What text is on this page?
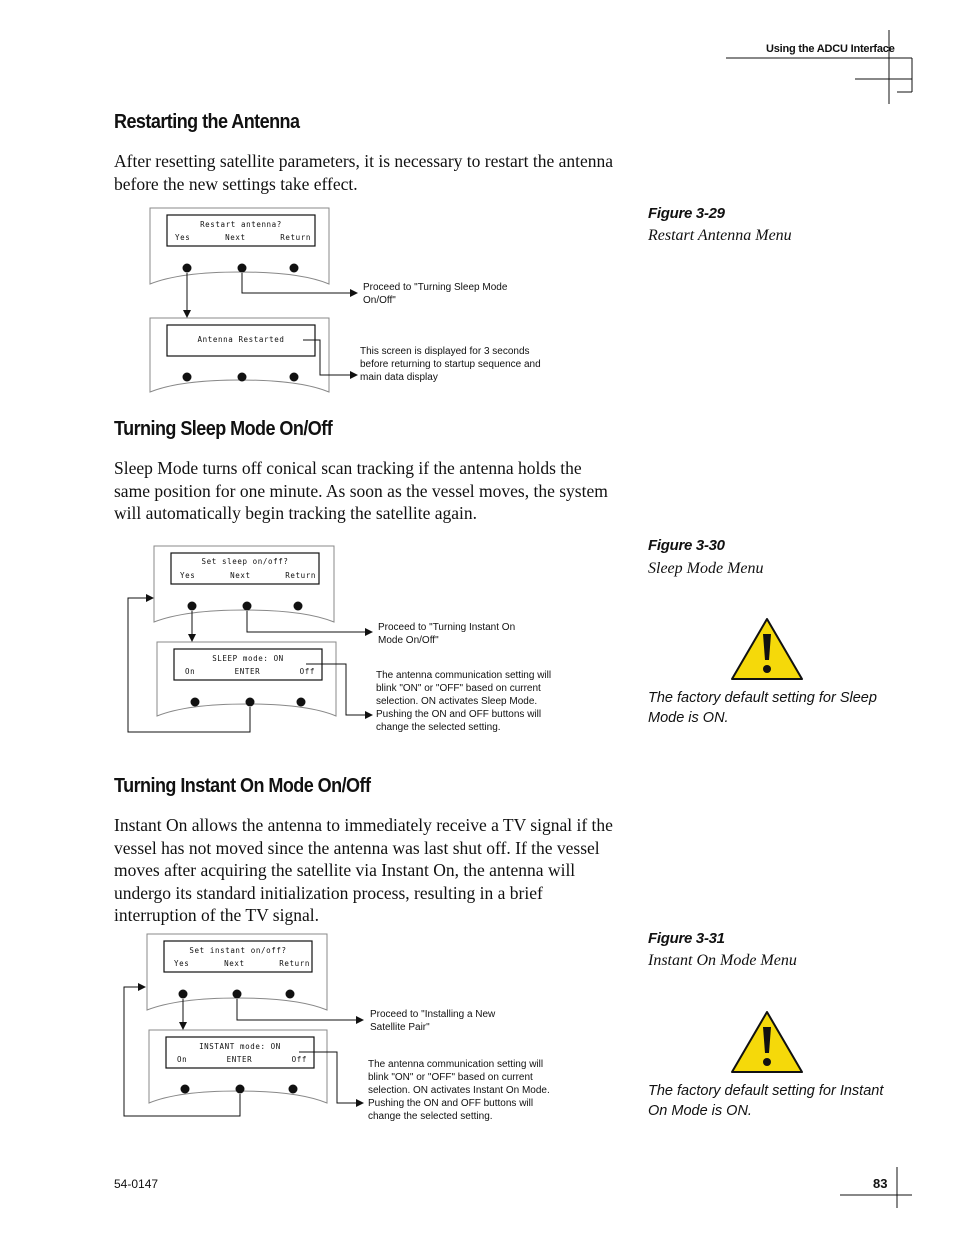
Using the ADCU Interface
Restarting the Antenna
After resetting satellite parameters, it is necessary to restart the antenna before the new settings take effect.
Figure 3-29
Restart Antenna Menu
Restart antenna?
Yes	Next	Return
Antenna Restarted
Proceed to "Turning Sleep Mode On/Off"
This screen is displayed for 3 seconds before returning to startup sequence and main data display
Turning Sleep Mode On/Off
Sleep Mode turns off conical scan tracking if the antenna holds the same position for one minute. As soon as the vessel moves, the system will automatically begin tracking the satellite again.
Figure 3-30
Sleep Mode Menu
Set sleep on/off?
Yes	Next	Return
SLEEP mode: ON
On	ENTER	Off
Proceed to "Turning Instant On Mode On/Off"
The antenna communication setting will blink "ON" or "OFF" based on current selection. ON activates Sleep Mode. Pushing the ON and OFF buttons will change the selected setting.
The factory default setting for Sleep Mode is ON.
Turning Instant On Mode On/Off
Instant On allows the antenna to immediately receive a TV signal if the vessel has not moved since the antenna was last shut off. If the vessel moves after acquiring the satellite via Instant On, the antenna will undergo its standard initialization process, resulting in a brief interruption of the TV signal.
Figure 3-31
Instant On Mode Menu
Set instant on/off?
Yes	Next	Return
INSTANT mode: ON
On	ENTER	Off
Proceed to "Installing a New Satellite Pair"
The antenna communication setting will blink "ON" or "OFF" based on current selection. ON activates Instant On Mode. Pushing the ON and OFF buttons will change the selected setting.
The factory default setting for Instant On Mode is ON.
54-0147	83
